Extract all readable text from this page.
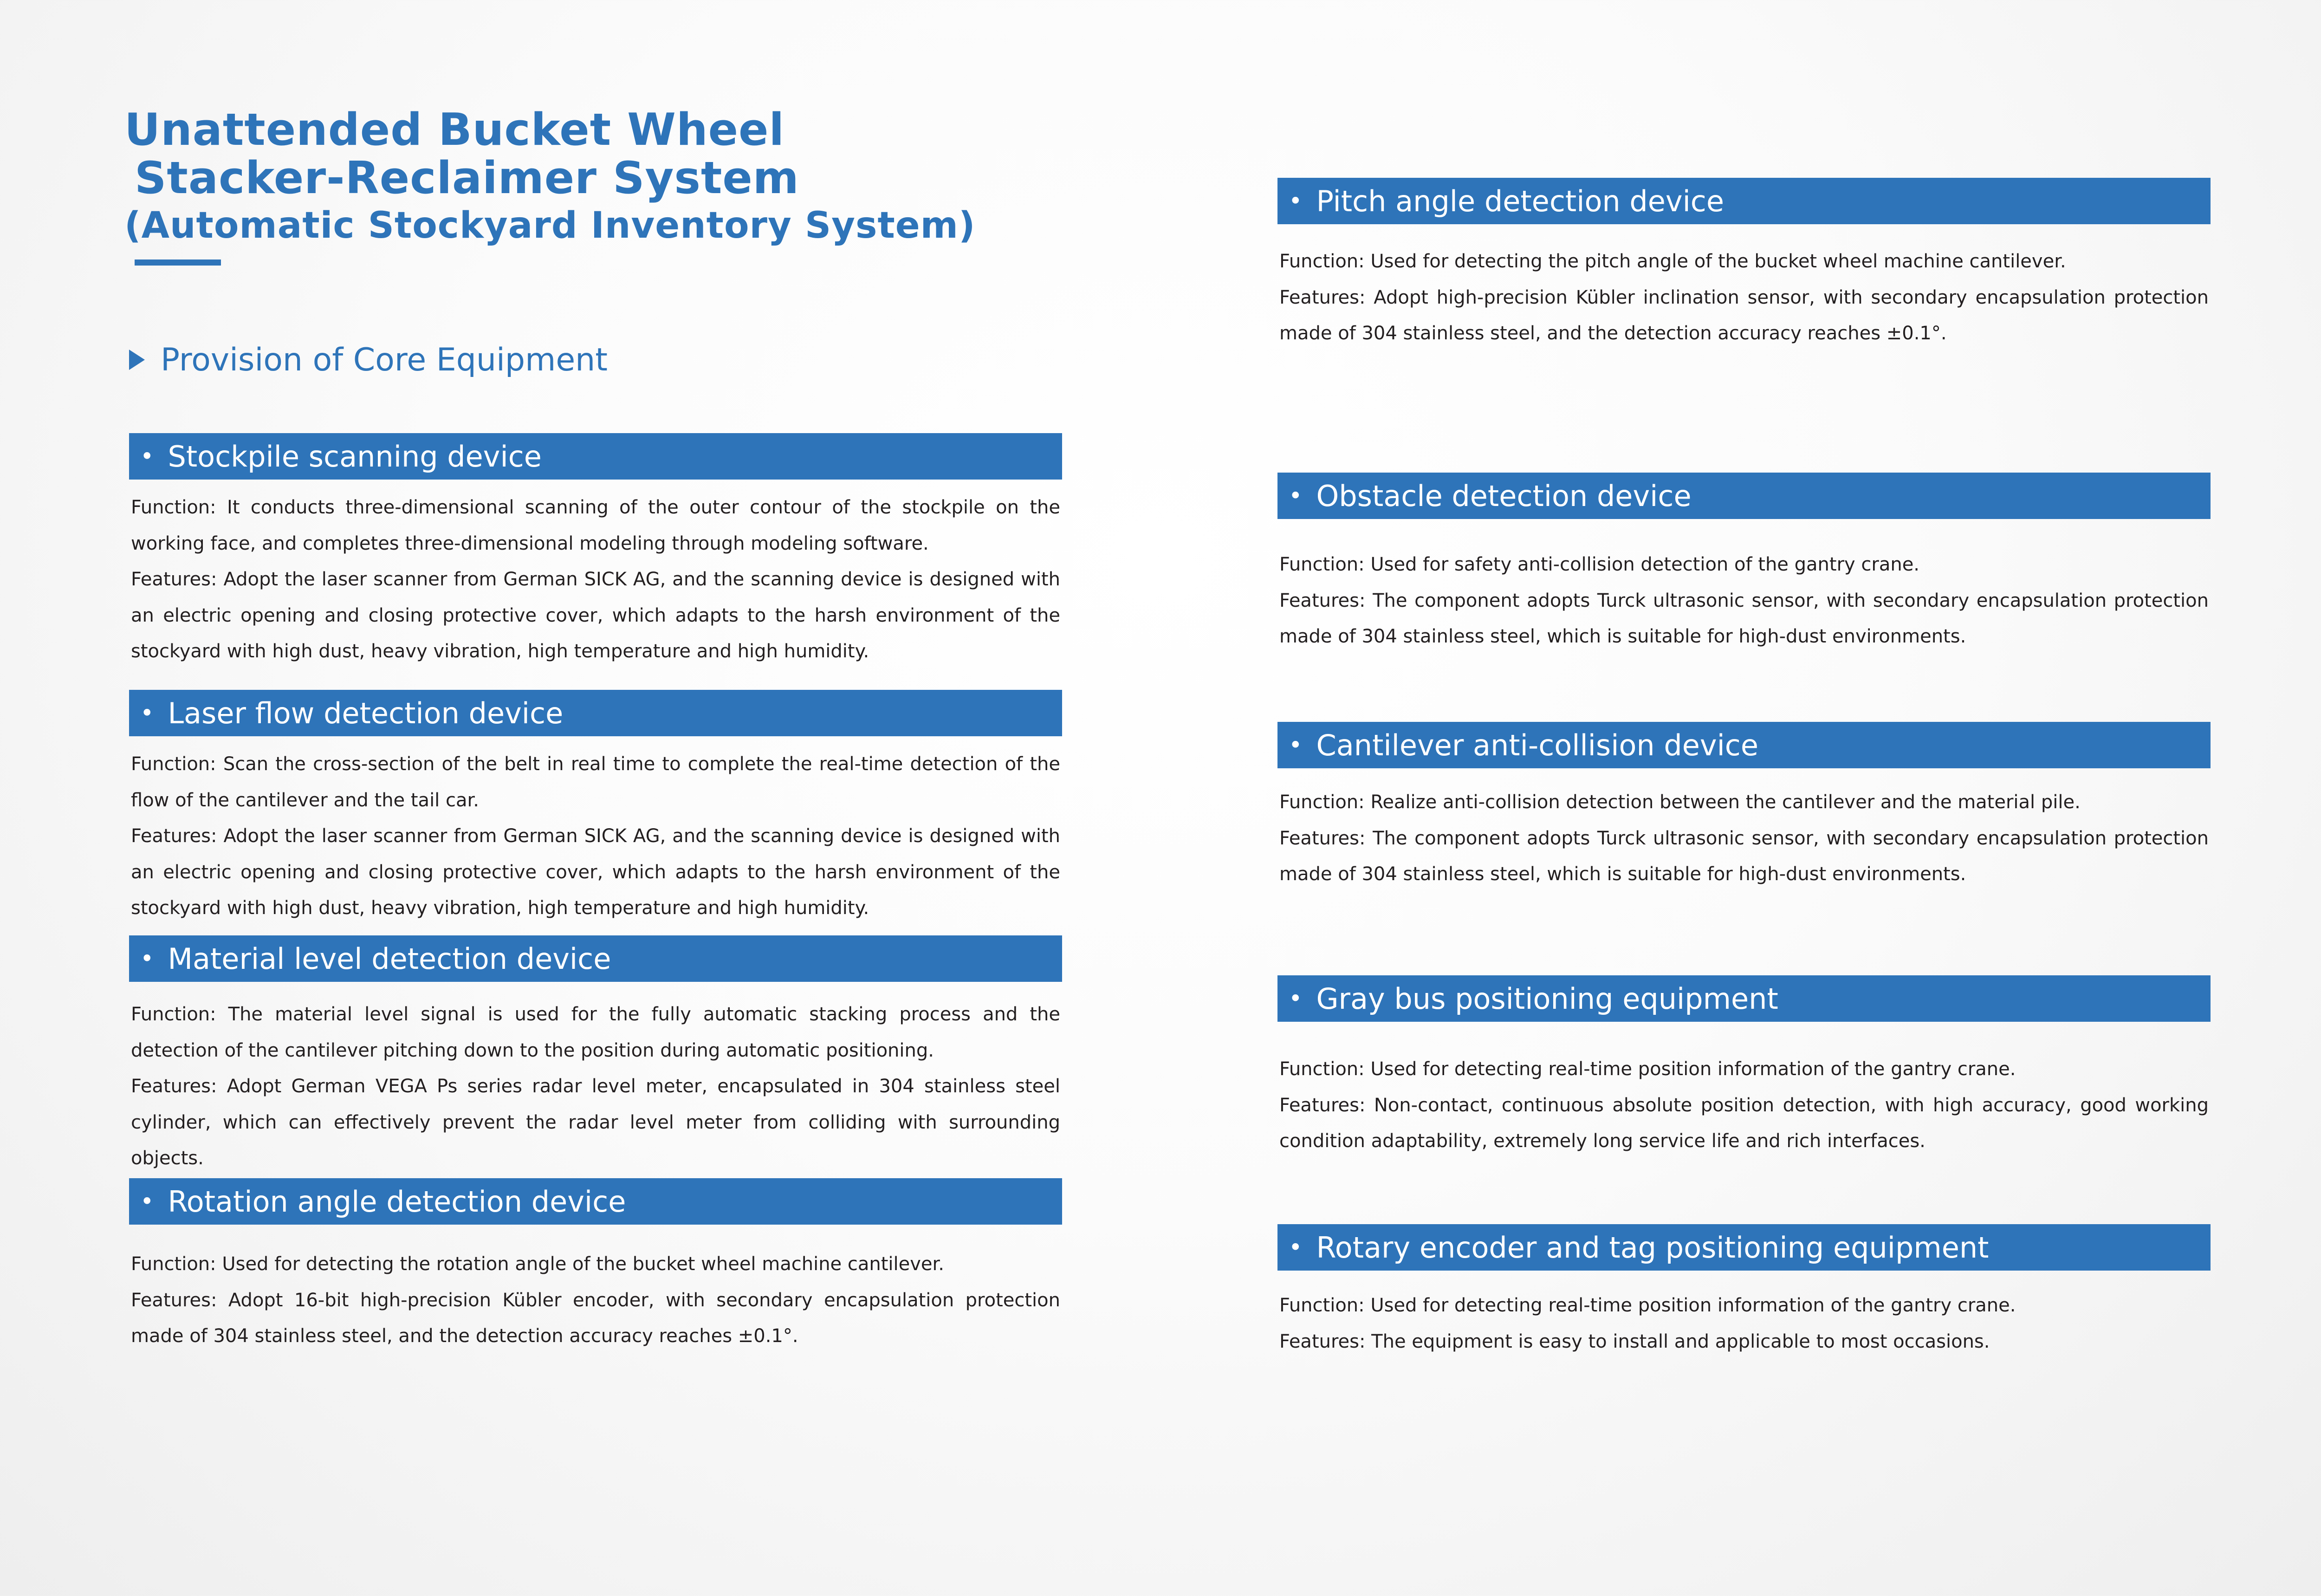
Unattended Bucket Wheel
Stacker-Reclaimer System
(Automatic Stockyard Inventory System)
Provision of Core Equipment
• Stockpile scanning device

Function: It conducts three-dimensional scanning of the outer contour of the stockpile on the working face, and completes three-dimensional modeling through modeling software.

Features: Adopt the laser scanner from German SICK AG, and the scanning device is designed with an electric opening and closing protective cover, which adapts to the harsh environment of the stockyard with high dust, heavy vibration, high temperature and high humidity.

• Laser flow detection device

Function: Scan the cross-section of the belt in real time to complete the real-time detection of the flow of the cantilever and the tail car.

Features: Adopt the laser scanner from German SICK AG, and the scanning device is designed with an electric opening and closing protective cover, which adapts to the harsh environment of the stockyard with high dust, heavy vibration, high temperature and high humidity.

• Material level detection device

Function: The material level signal is used for the fully automatic stacking process and the detection of the cantilever pitching down to the position during automatic positioning.

Features: Adopt German VEGA Ps series radar level meter, encapsulated in 304 stainless steel cylinder, which can effectively prevent the radar level meter from colliding with surrounding objects.

• Rotation angle detection device

Function: Used for detecting the rotation angle of the bucket wheel machine cantilever.

Features: Adopt 16-bit high-precision Kübler encoder, with secondary encapsulation protection made of 304 stainless steel, and the detection accuracy reaches ±0.1°.

• Pitch angle detection device

Function: Used for detecting the pitch angle of the bucket wheel machine cantilever.

Features: Adopt high-precision Kübler inclination sensor, with secondary encapsulation protection made of 304 stainless steel, and the detection accuracy reaches ±0.1°.

• Obstacle detection device

Function: Used for safety anti-collision detection of the gantry crane.

Features: The component adopts Turck ultrasonic sensor, with secondary encapsulation protection made of 304 stainless steel, which is suitable for high-dust environments.

• Cantilever anti-collision device

Function: Realize anti-collision detection between the cantilever and the material pile.

Features: The component adopts Turck ultrasonic sensor, with secondary encapsulation protection made of 304 stainless steel, which is suitable for high-dust environments.

• Gray bus positioning equipment

Function: Used for detecting real-time position information of the gantry crane.

Features: Non-contact, continuous absolute position detection, with high accuracy, good working condition adaptability, extremely long service life and rich interfaces.

• Rotary encoder and tag positioning equipment

Function: Used for detecting real-time position information of the gantry crane.

Features: The equipment is easy to install and applicable to most occasions.
